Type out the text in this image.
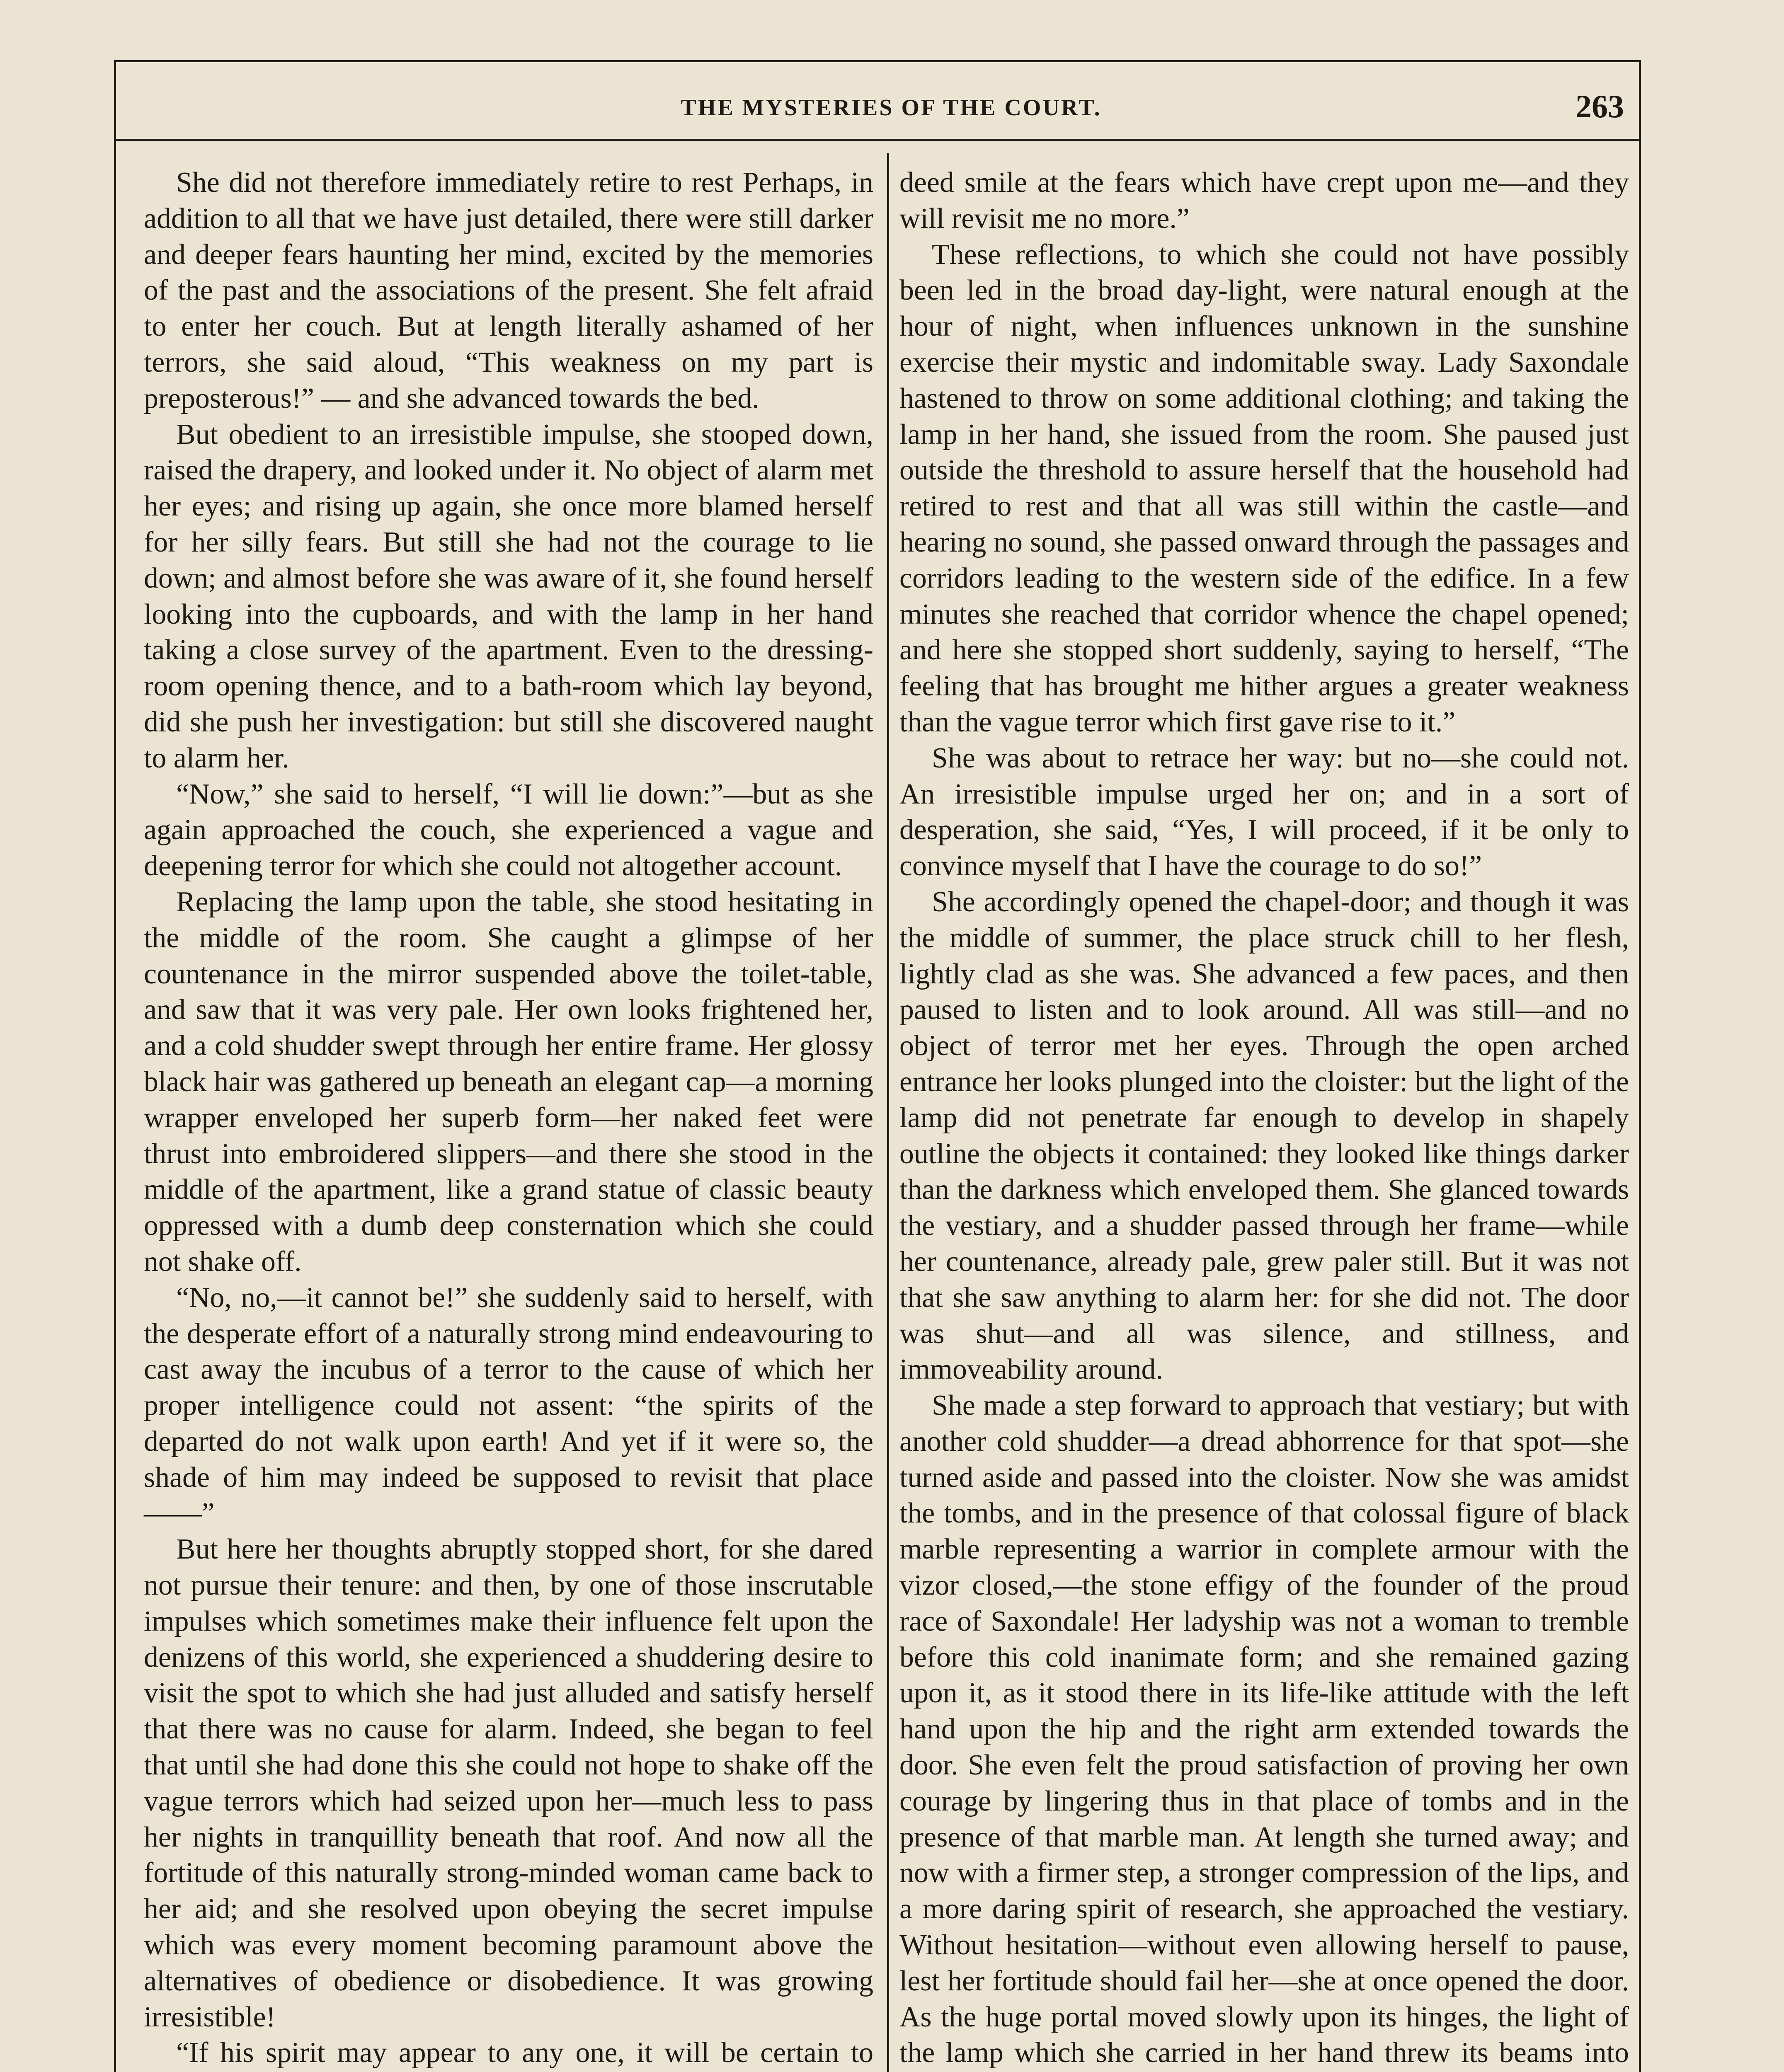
THE MYSTERIES OF THE COURT.	263

She did not therefore immediately retire to rest Perhaps, in addition to all that we have just detailed, there were still darker and deeper fears haunting her mind, excited by the memories of the past and the associations of the present. She felt afraid to enter her couch. But at length literally ashamed of her terrors, she said aloud, “This weakness on my part is preposterous!” — and she advanced towards the bed.

But obedient to an irresistible impulse, she stooped down, raised the drapery, and looked under it. No object of alarm met her eyes; and rising up again, she once more blamed herself for her silly fears. But still she had not the courage to lie down; and almost before she was aware of it, she found herself looking into the cupboards, and with the lamp in her hand taking a close survey of the apartment. Even to the dressing-room opening thence, and to a bath-room which lay beyond, did she push her investigation: but still she discovered naught to alarm her.

“Now,” she said to herself, “I will lie down:”—but as she again approached the couch, she experienced a vague and deepening terror for which she could not altogether account.

Replacing the lamp upon the table, she stood hesitating in the middle of the room. She caught a glimpse of her countenance in the mirror suspended above the toilet-table, and saw that it was very pale. Her own looks frightened her, and a cold shudder swept through her entire frame. Her glossy black hair was gathered up beneath an elegant cap—a morning wrapper enveloped her superb form—her naked feet were thrust into embroidered slippers—and there she stood in the middle of the apartment, like a grand statue of classic beauty oppressed with a dumb deep consternation which she could not shake off.

“No, no,—it cannot be!” she suddenly said to herself, with the desperate effort of a naturally strong mind endeavouring to cast away the incubus of a terror to the cause of which her proper intelligence could not assent: “the spirits of the departed do not walk upon earth! And yet if it were so, the shade of him may indeed be supposed to revisit that place——”

But here her thoughts abruptly stopped short, for she dared not pursue their tenure: and then, by one of those inscrutable impulses which sometimes make their influence felt upon the denizens of this world, she experienced a shuddering desire to visit the spot to which she had just alluded and satisfy herself that there was no cause for alarm. Indeed, she began to feel that until she had done this she could not hope to shake off the vague terrors which had seized upon her—much less to pass her nights in tranquillity beneath that roof. And now all the fortitude of this naturally strong-minded woman came back to her aid; and she resolved upon obeying the secret impulse which was every moment becoming paramount above the alternatives of obedience or disobedience. It was growing irresistible!

“If his spirit may appear to any one, it will be certain to

deed smile at the fears which have crept upon me—and they will revisit me no more.”

These reflections, to which she could not have possibly been led in the broad day-light, were natural enough at the hour of night, when influences unknown in the sunshine exercise their mystic and indomitable sway. Lady Saxondale hastened to throw on some additional clothing; and taking the lamp in her hand, she issued from the room. She paused just outside the threshold to assure herself that the household had retired to rest and that all was still within the castle—and hearing no sound, she passed onward through the passages and corridors leading to the western side of the edifice. In a few minutes she reached that corridor whence the chapel opened; and here she stopped short suddenly, saying to herself, “The feeling that has brought me hither argues a greater weakness than the vague terror which first gave rise to it.”

She was about to retrace her way: but no—she could not. An irresistible impulse urged her on; and in a sort of desperation, she said, “Yes, I will proceed, if it be only to convince myself that I have the courage to do so!”

She accordingly opened the chapel-door; and though it was the middle of summer, the place struck chill to her flesh, lightly clad as she was. She advanced a few paces, and then paused to listen and to look around. All was still—and no object of terror met her eyes. Through the open arched entrance her looks plunged into the cloister: but the light of the lamp did not penetrate far enough to develop in shapely outline the objects it contained: they looked like things darker than the darkness which enveloped them. She glanced towards the vestiary, and a shudder passed through her frame—while her countenance, already pale, grew paler still. But it was not that she saw anything to alarm her: for she did not. The door was shut—and all was silence, and stillness, and immoveability around.

She made a step forward to approach that vestiary; but with another cold shudder—a dread abhorrence for that spot—she turned aside and passed into the cloister. Now she was amidst the tombs, and in the presence of that colossal figure of black marble representing a warrior in complete armour with the vizor closed,—the stone effigy of the founder of the proud race of Saxondale! Her ladyship was not a woman to tremble before this cold inanimate form; and she remained gazing upon it, as it stood there in its life-like attitude with the left hand upon the hip and the right arm extended towards the door. She even felt the proud satisfaction of proving her own courage by lingering thus in that place of tombs and in the presence of that marble man. At length she turned away; and now with a firmer step, a stronger compression of the lips, and a more daring spirit of research, she approached the vestiary. Without hesitation—without even allowing herself to pause, lest her fortitude should fail her—she at once opened the door. As the huge portal moved slowly upon its hinges, the light of the lamp which she carried in her hand threw its beams into
